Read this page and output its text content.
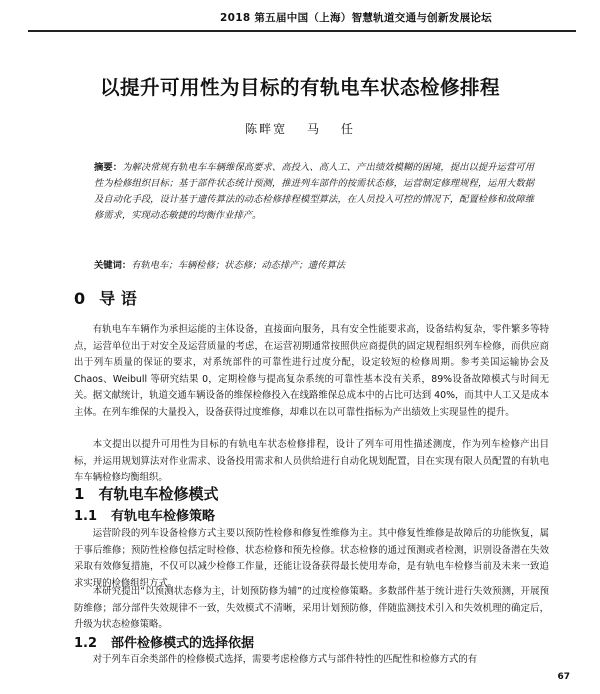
2018 第五届中国（上海）智慧轨道交通与创新发展论坛
以提升可用性为目标的有轨电车状态检修排程
陈畔宽 马 任
摘要：为解决常规有轨电车车辆维保高要求、高投入、高人工、产出绩效模糊的困境，提出以提升运营可用性为检修组织目标；基于部件状态统计预测，推进列车部件的按需状态修，运营制定修理规程，运用大数据及自动化手段，设计基于遗传算法的动态检修排程模型算法，在人员投入可控的情况下，配置检修和故障维修需求，实现动态敏捷的均衡作业排产。
关键词：有轨电车；车辆检修；状态修；动态排产；遗传算法
0 导 语

有轨电车车辆作为承担运能的主体设备，直接面向服务，具有安全性能要求高，设备结构复杂，零件繁多等特点，运营单位出于对安全及运营质量的考虑，在运营初期通常按照供应商提供的固定规程组织列车检修，而供应商出于列车质量的保证的要求，对系统部件的可靠性进行过度分配，设定较短的检修周期。参考美国运输协会及 Chaos、Weibull 等研究结果 0，定期检修与提高复杂系统的可靠性基本没有关系，89%设备故障模式与时间无关。据文献统计，轨道交通车辆设备的维保检修投入在线路维保总成本中的占比可达到 40%，而其中人工又是成本主体。在列车维保的大量投入，设备获得过度维修，却难以在以可靠性指标为产出绩效上实现显性的提升。

本文提出以提升可用性为目标的有轨电车状态检修排程，设计了列车可用性描述测度，作为列车检修产出目标，并运用规划算法对作业需求、设备投用需求和人员供给进行自动化规划配置，目在实现有限人员配置的有轨电车车辆检修均衡组织。

1 有轨电车检修模式
1.1 有轨电车检修策略

运营阶段的列车设备检修方式主要以预防性检修和修复性维修为主。其中修复性维修是故障后的功能恢复，属于事后维修；预防性检修包括定时检修、状态检修和预先检修。状态检修的通过预测或者检测，识别设备潜在失效采取有效修复措施，不仅可以减少检修工作量，还能让设备获得最长使用寿命，是有轨电车检修当前及未来一致追求实现的检修组织方式。

本研究提出“以预测状态修为主，计划预防修为辅”的过度检修策略。多数部件基于统计进行失效预测，开展预防维修；部分部件失效规律不一致，失效模式不清晰，采用计划预防修，伴随监测技术引入和失效机理的确定后，升级为状态检修策略。

1.2 部件检修模式的选择依据

对于列车百余类部件的检修模式选择，需要考虑检修方式与部件特性的匹配性和检修方式的有

67
